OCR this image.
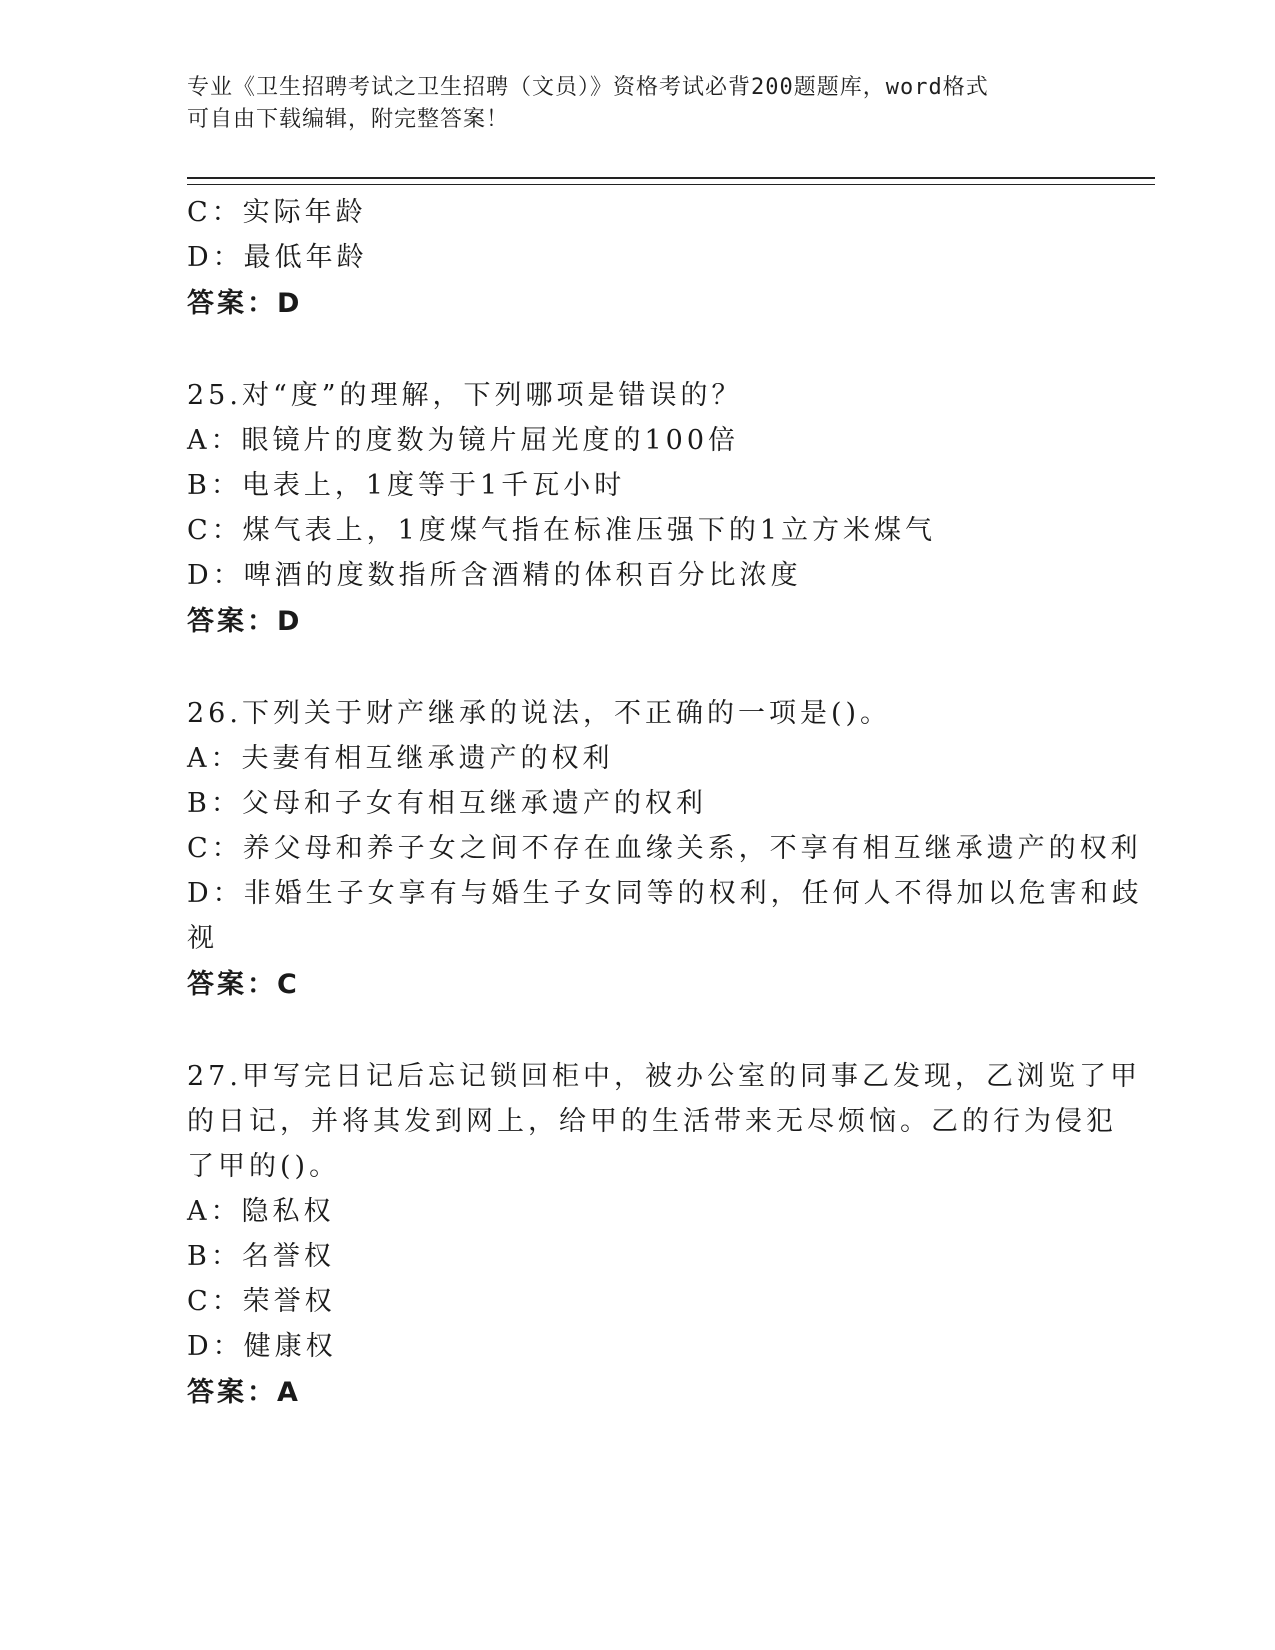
专业《卫生招聘考试之卫生招聘（文员）》资格考试必背200题题库，word格式
可自由下载编辑，附完整答案！
C：实际年龄
D：最低年龄
答案：D
25.对“度”的理解，下列哪项是错误的？
A：眼镜片的度数为镜片屈光度的100倍
B：电表上，1度等于1千瓦小时
C：煤气表上，1度煤气指在标准压强下的1立方米煤气
D：啤酒的度数指所含酒精的体积百分比浓度
答案：D
26.下列关于财产继承的说法，不正确的一项是()。
A：夫妻有相互继承遗产的权利
B：父母和子女有相互继承遗产的权利
C：养父母和养子女之间不存在血缘关系，不享有相互继承遗产的权利
D：非婚生子女享有与婚生子女同等的权利，任何人不得加以危害和歧
视
答案：C
27.甲写完日记后忘记锁回柜中，被办公室的同事乙发现，乙浏览了甲
的日记，并将其发到网上，给甲的生活带来无尽烦恼。乙的行为侵犯
了甲的()。
A：隐私权
B：名誉权
C：荣誉权
D：健康权
答案：A
